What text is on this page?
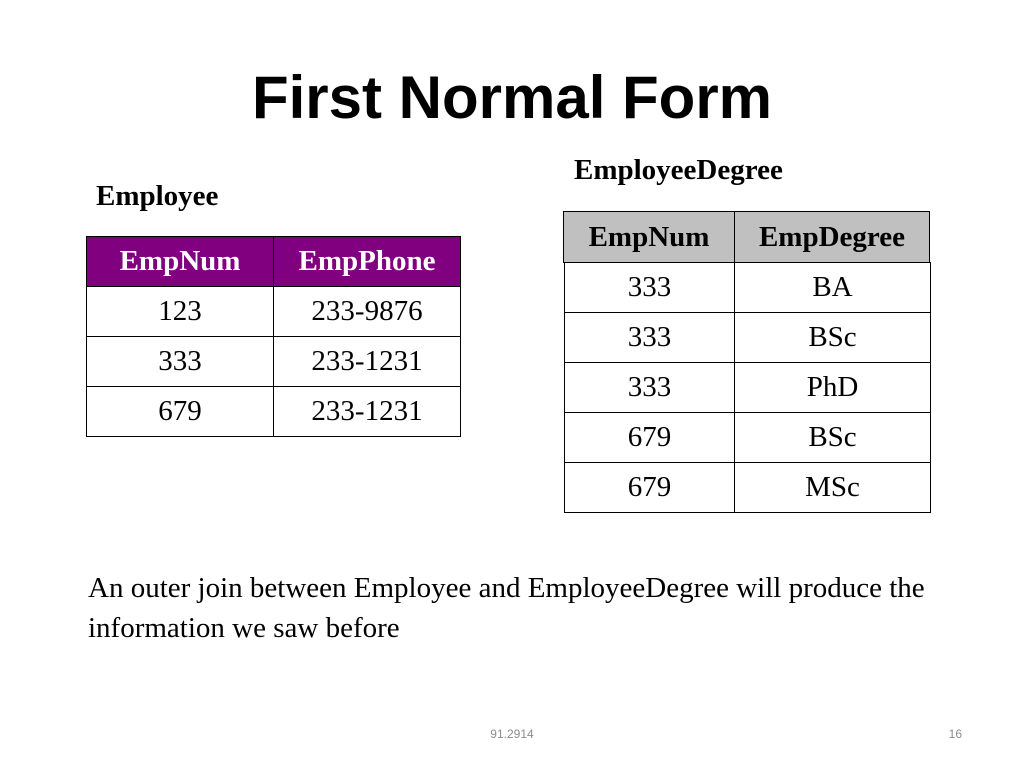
First Normal Form
Employee
EmployeeDegree
EmpNum	EmpPhone
123	233-9876
333	233-1231
679	233-1231
EmpNum	EmpDegree
333	BA
333	BSc
333	PhD
679	BSc
679	MSc
An outer join between Employee and EmployeeDegree will produce the information we saw before
91.2914	16
